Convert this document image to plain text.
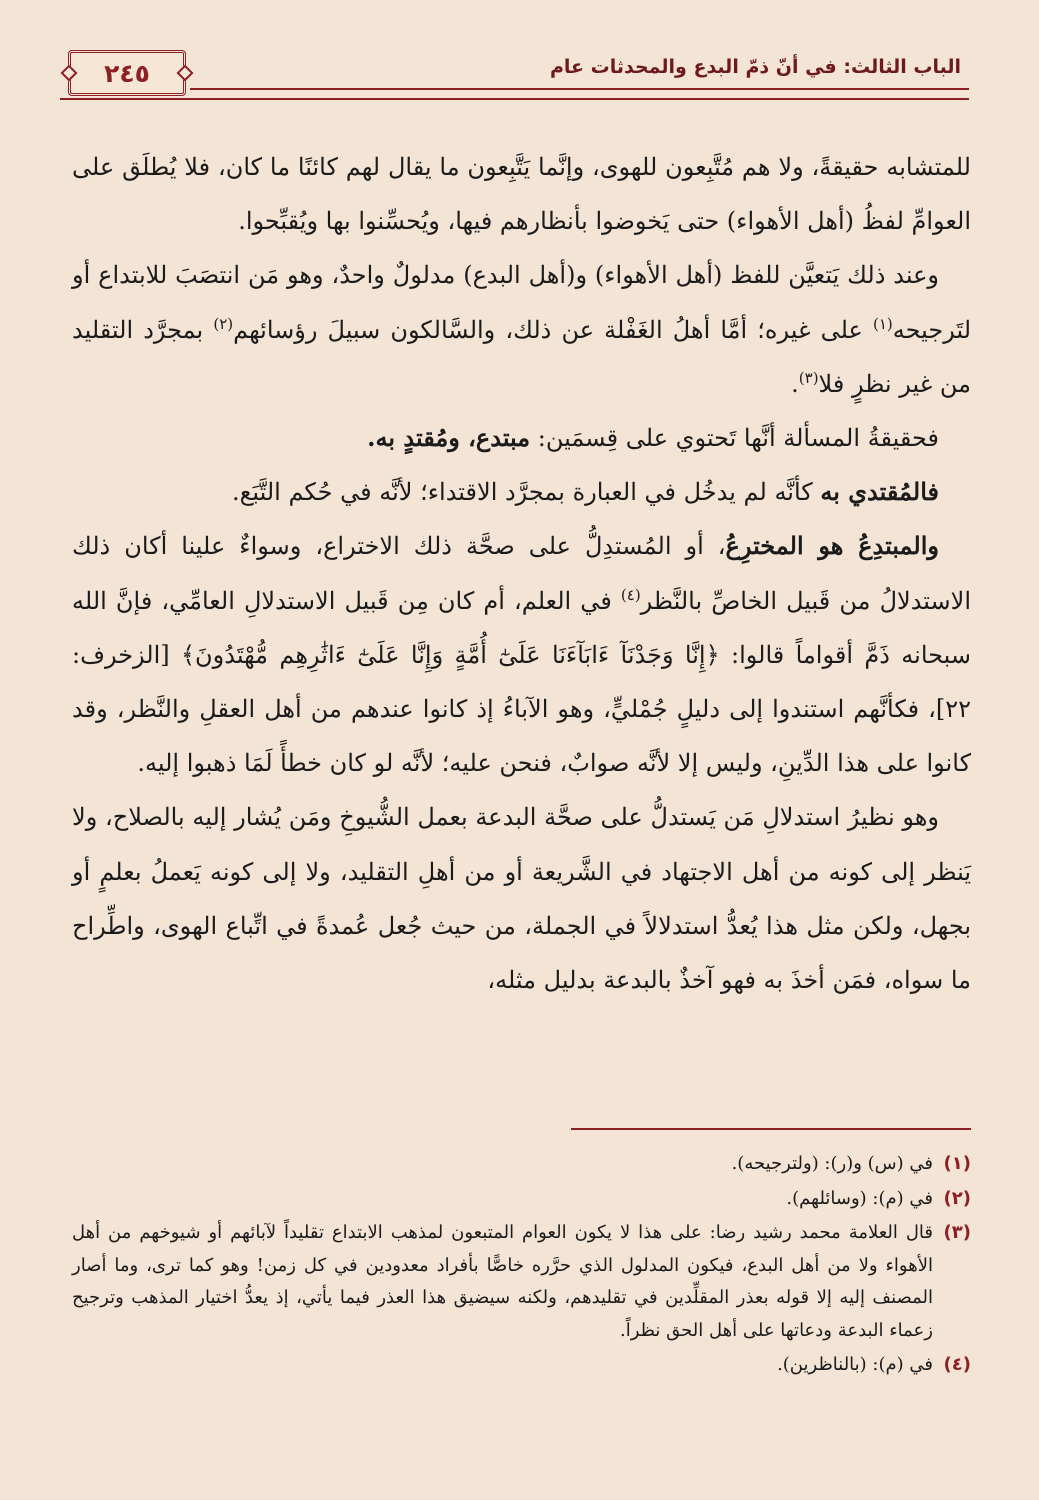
الباب الثالث: في أنّ ذمّ البدع والمحدثات عام
٢٤٥

للمتشابه حقيقةً، ولا هم مُتَّبِعون للهوى، وإنَّما يَتَّبِعون ما يقال لهم كائنًا ما كان، فلا يُطلَق على العوامِّ لفظُ (أهل الأهواء) حتى يَخوضوا بأنظارهم فيها، ويُحسِّنوا بها ويُقبِّحوا.

وعند ذلك يَتعيَّن للفظ (أهل الأهواء) و(أهل البدع) مدلولٌ واحدٌ، وهو مَن انتصَبَ للابتداع أو لتَرجيحه$^{(١)}$ على غيره؛ أمَّا أهلُ الغَفْلة عن ذلك، والسَّالكون سبيلَ رؤسائهم$^{(٢)}$ بمجرَّد التقليد من غير نظرٍ فلا$^{(٣)}$.

فحقيقةُ المسألة أنَّها تَحتوي على قِسمَين: مبتدع، ومُقتدٍ به.

فالمُقتدي به كأنَّه لم يدخُل في العبارة بمجرَّد الاقتداء؛ لأنَّه في حُكم التَّبَع.

والمبتدِعُ هو المخترِعُ، أو المُستدِلُّ على صحَّة ذلك الاختراع، وسواءٌ علينا أكان ذلك الاستدلالُ من قَبيل الخاصِّ بالنَّظر$^{(٤)}$ في العلم، أم كان مِن قَبيل الاستدلالِ العامِّي، فإنَّ الله سبحانه ذَمَّ أقواماً قالوا: ﴿إِنَّا وَجَدْنَآ ءَابَآءَنَا عَلَىٰٓ أُمَّةٍ وَإِنَّا عَلَىٰٓ ءَاثَٰرِهِم مُّهْتَدُونَ﴾ [الزخرف: ٢٢]، فكأنَّهم استندوا إلى دليلٍ جُمْليٍّ، وهو الآباءُ إذ كانوا عندهم من أهل العقلِ والنَّظر، وقد كانوا على هذا الدِّينِ، وليس إلا لأنَّه صوابٌ، فنحن عليه؛ لأنَّه لو كان خطأً لَمَا ذهبوا إليه.

وهو نظيرُ استدلالِ مَن يَستدلُّ على صحَّة البدعة بعمل الشُّيوخِ ومَن يُشار إليه بالصلاح، ولا يَنظر إلى كونه من أهل الاجتهاد في الشَّريعة أو من أهلِ التقليد، ولا إلى كونه يَعملُ بعلمٍ أو بجهل، ولكن مثل هذا يُعدُّ استدلالاً في الجملة، من حيث جُعل عُمدةً في اتِّباع الهوى، واطِّراح ما سواه، فمَن أخذَ به فهو آخذٌ بالبدعة بدليل مثله،

(١)
في (س) و(ر): (ولترجيحه).

(٢)
في (م): (وسائلهم).

(٣)
قال العلامة محمد رشيد رضا: على هذا لا يكون العوام المتبعون لمذهب الابتداع تقليداً لآبائهم أو شيوخهم من أهل الأهواء ولا من أهل البدع، فيكون المدلول الذي حرَّره خاصًّا بأفراد معدودين في كل زمن! وهو كما ترى، وما أصار المصنف إليه إلا قوله بعذر المقلِّدين في تقليدهم، ولكنه سيضيق هذا العذر فيما يأتي، إذ يعدُّ اختيار المذهب وترجيح زعماء البدعة ودعاتها على أهل الحق نظراً.

(٤)
في (م): (بالناظرين).
